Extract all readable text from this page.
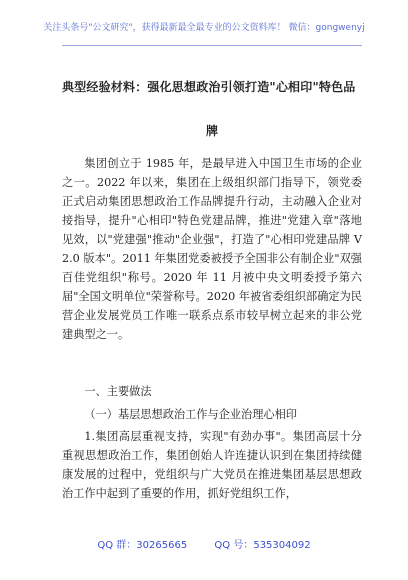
关注头条号"公文研究"，获得最新最全最专业的公文资料库！ 微信：gongwenyj
典型经验材料：强化思想政治引领打造"心相印"特色品
牌

集团创立于 1985 年，是最早进入中国卫生市场的企业之一。2022 年以来，集团在上级组织部门指导下，领党委正式启动集团思想政治工作品牌提升行动，主动融入企业对接指导，提升"心相印"特色党建品牌，推进"党建入章"落地见效，以"党建强"推动"企业强"，打造了"心相印党建品牌 V2.0 版本"。2011 年集团党委被授予全国非公有制企业"双强百佳党组织"称号。2020 年 11 月被中央文明委授予第六届"全国文明单位"荣誉称号。2020 年被省委组织部确定为民营企业发展党员工作唯一联系点系市较早树立起来的非公党建典型之一。

一、主要做法
（一）基层思想政治工作与企业治理心相印

1.集团高层重视支持，实现"有劲办事"。集团高层十分重视思想政治工作，集团创始人许连捷认识到在集团持续健康发展的过程中，党组织与广大党员在推进集团基层思想政治工作中起到了重要的作用，抓好党组织工作，

QQ 群：30265665	QQ 号：535304092
